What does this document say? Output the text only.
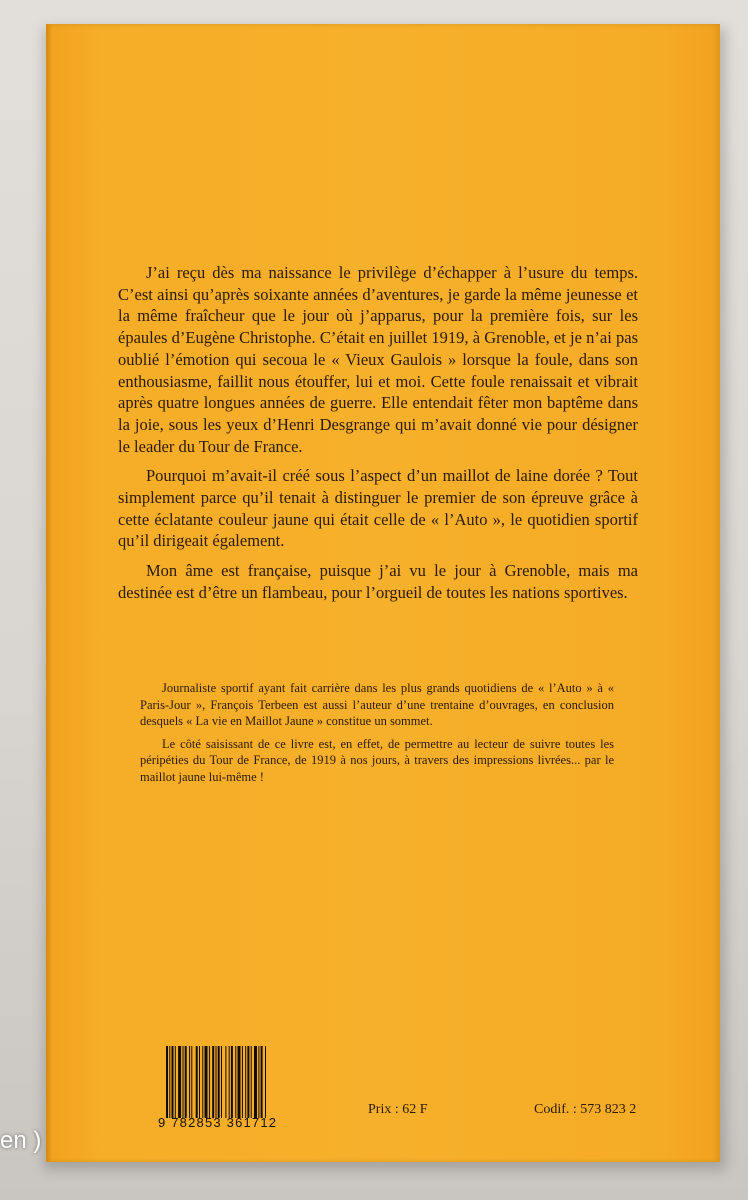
J’ai reçu dès ma naissance le privilège d’échapper à l’usure du temps. C’est ainsi qu’après soixante années d’aventures, je garde la même jeunesse et la même fraîcheur que le jour où j’apparus, pour la première fois, sur les épaules d’Eugène Christophe. C’était en juillet 1919, à Grenoble, et je n’ai pas oublié l’émotion qui secoua le « Vieux Gaulois » lorsque la foule, dans son enthousiasme, faillit nous étouffer, lui et moi. Cette foule renaissait et vibrait après quatre longues années de guerre. Elle entendait fêter mon baptême dans la joie, sous les yeux d’Henri Desgrange qui m’avait donné vie pour désigner le leader du Tour de France.

Pourquoi m’avait-il créé sous l’aspect d’un maillot de laine dorée ? Tout simplement parce qu’il tenait à distinguer le premier de son épreuve grâce à cette éclatante couleur jaune qui était celle de « l’Auto », le quotidien sportif qu’il dirigeait également.

Mon âme est française, puisque j’ai vu le jour à Grenoble, mais ma destinée est d’être un flambeau, pour l’orgueil de toutes les nations sportives.

Journaliste sportif ayant fait carrière dans les plus grands quotidiens de « l’Auto » à « Paris-Jour », François Terbeen est aussi l’auteur d’une trentaine d’ouvrages, en conclusion desquels « La vie en Maillot Jaune » constitue un sommet.

Le côté saisissant de ce livre est, en effet, de permettre au lecteur de suivre toutes les péripéties du Tour de France, de 1919 à nos jours, à travers des impressions livrées... par le maillot jaune lui-même !

9 782853 361712
Prix : 62 F	Codif. : 573 823 2
en )
